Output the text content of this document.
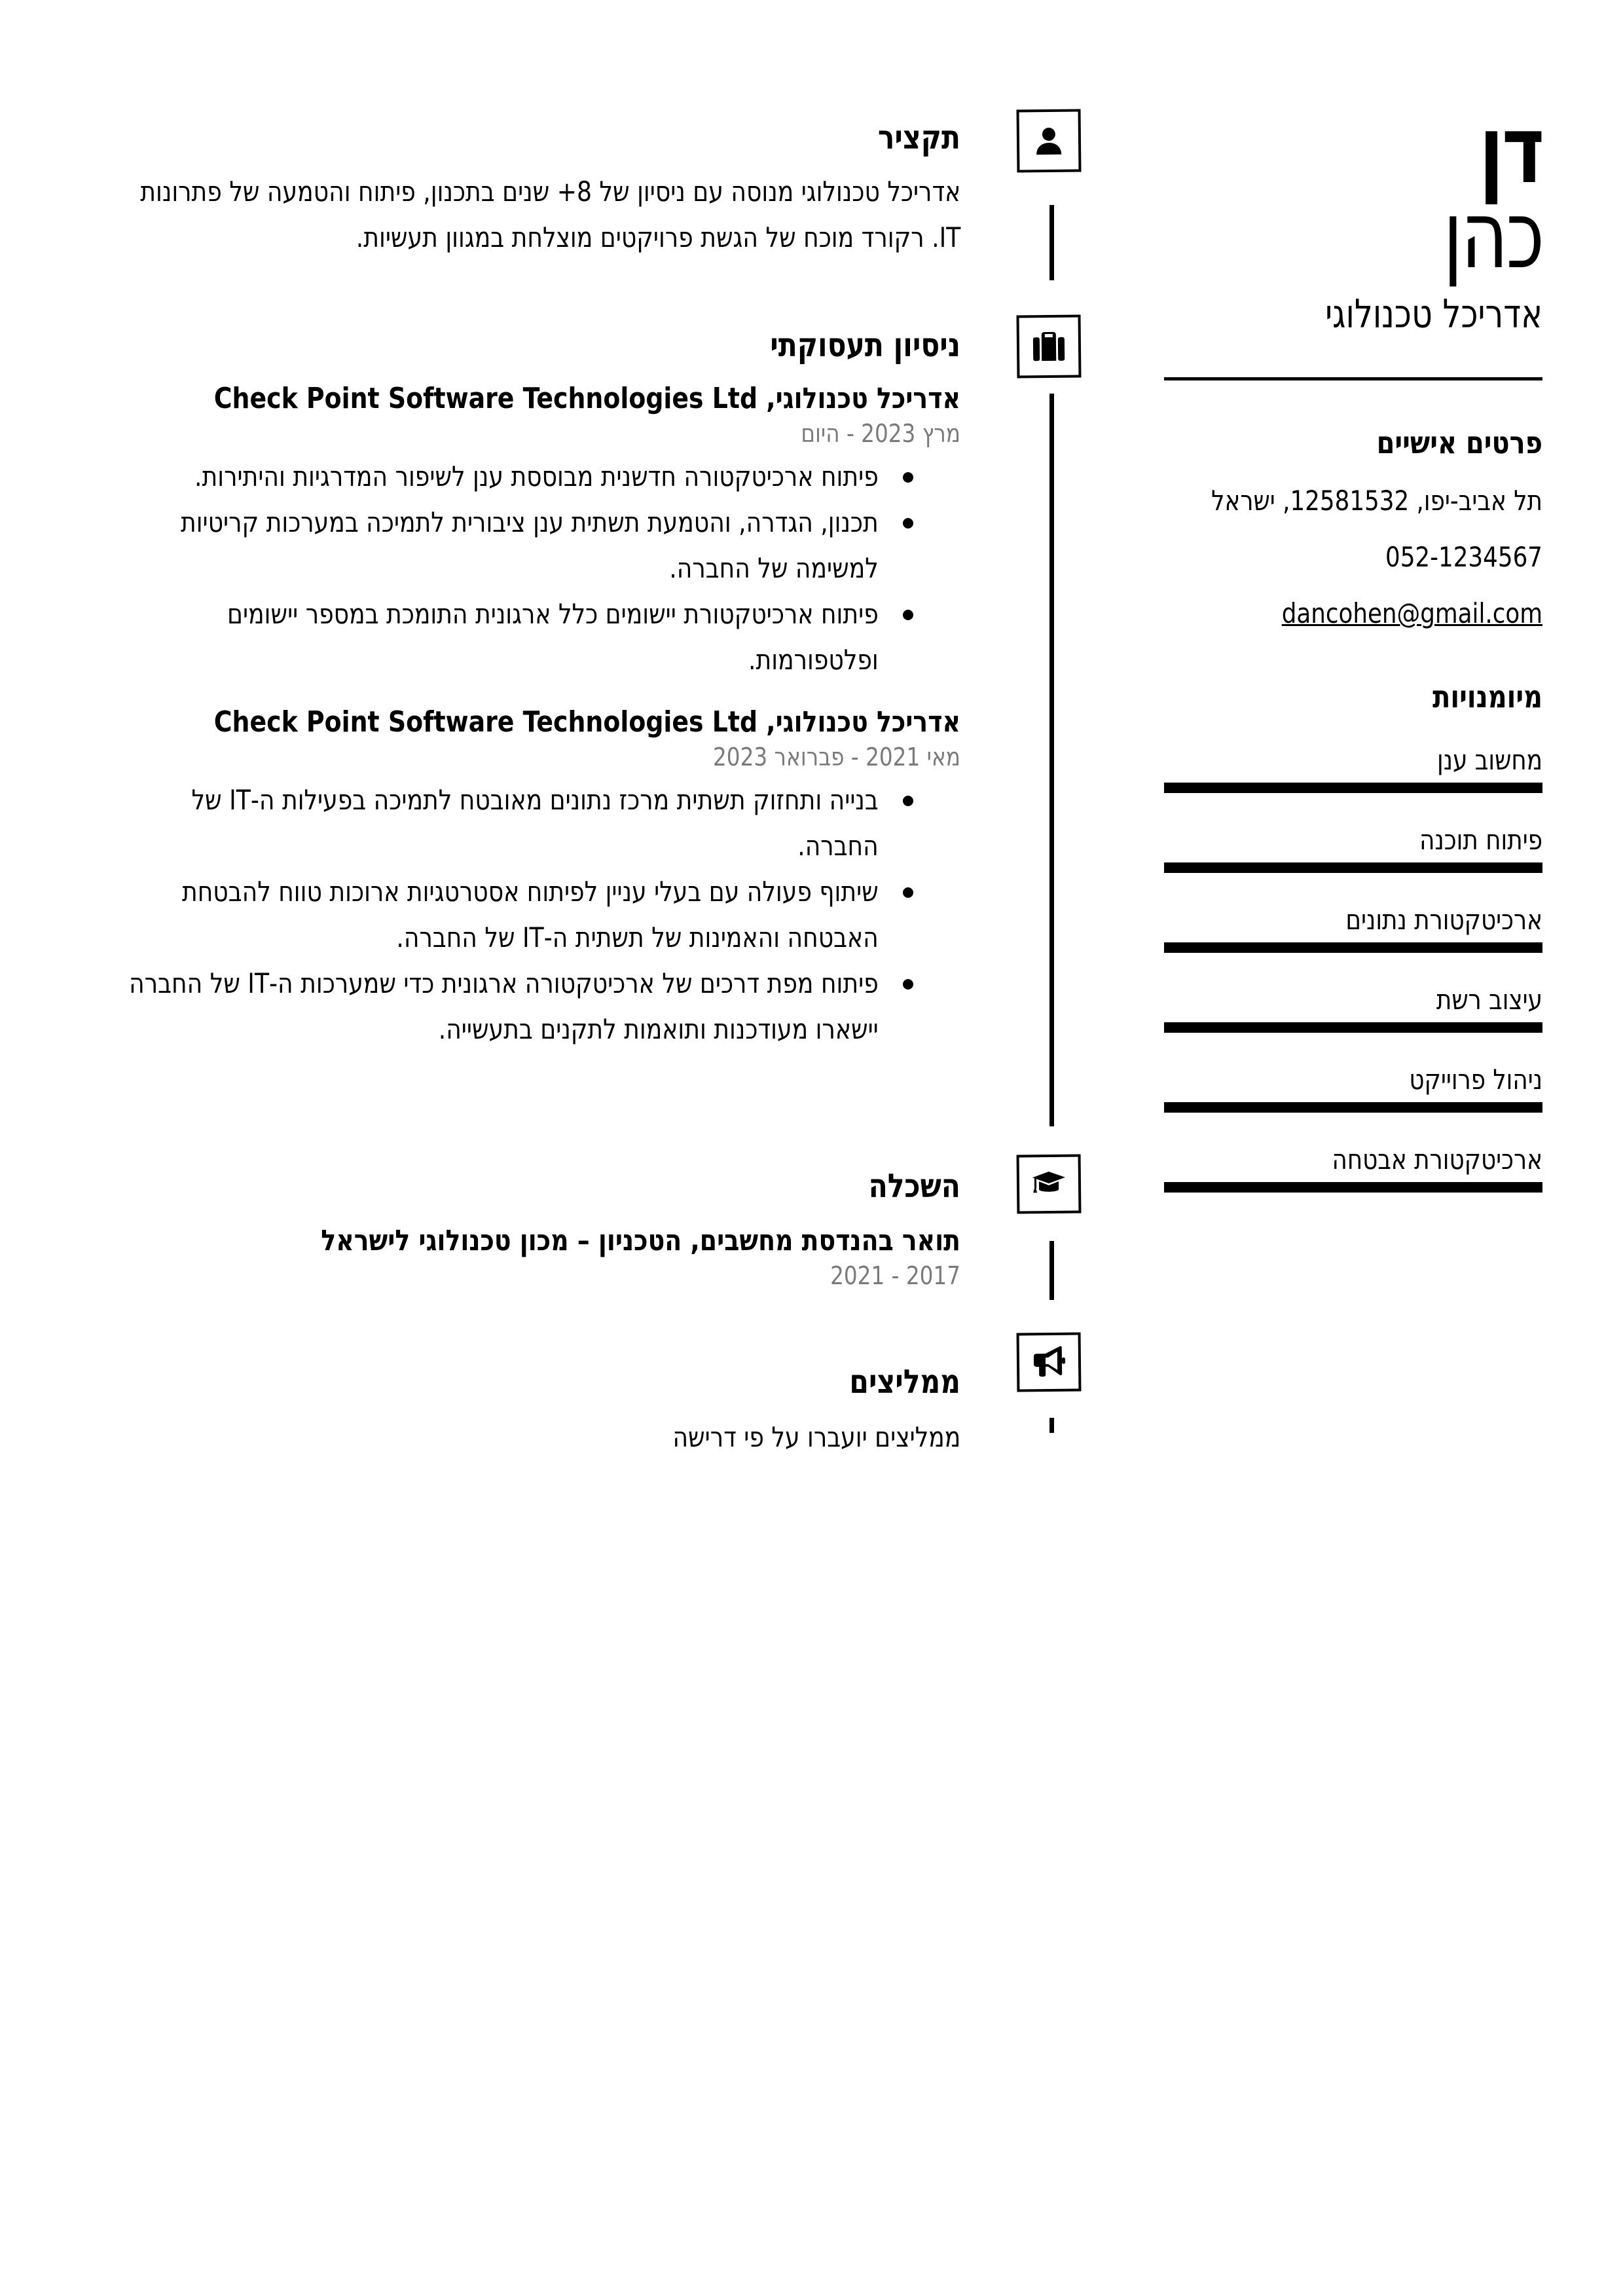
דן
כהן
אדריכל טכנולוגי
פרטים אישיים
תל אביב-יפו, 12581532, ישראל
052-1234567
dancohen@gmail.com
מיומנויות
מחשוב ענן
פיתוח תוכנה
ארכיטקטורת נתונים
עיצוב רשת
ניהול פרוייקט
ארכיטקטורת אבטחה
תקציר

אדריכל טכנולוגי מנוסה עם ניסיון של 8+ שנים בתכנון, פיתוח והטמעה של פתרונות IT. רקורד מוכח של הגשת פרויקטים מוצלחת במגוון תעשיות.

ניסיון תעסוקתי
אדריכל טכנולוגי, Check Point Software Technologies Ltd
מרץ 2023 - היום
פיתוח ארכיטקטורה חדשנית מבוססת ענן לשיפור המדרגיות והיתירות.
תכנון, הגדרה, והטמעת תשתית ענן ציבורית לתמיכה במערכות קריטיות למשימה של החברה.
פיתוח ארכיטקטורת יישומים כלל ארגונית התומכת במספר יישומים ופלטפורמות.
אדריכל טכנולוגי, Check Point Software Technologies Ltd
מאי 2021 - פברואר 2023
בנייה ותחזוק תשתית מרכז נתונים מאובטח לתמיכה בפעילות ה-IT של החברה.
שיתוף פעולה עם בעלי עניין לפיתוח אסטרטגיות ארוכות טווח להבטחת האבטחה והאמינות של תשתית ה-IT של החברה.
פיתוח מפת דרכים של ארכיטקטורה ארגונית כדי שמערכות ה-IT של החברה יישארו מעודכנות ותואמות לתקנים בתעשייה.
השכלה
תואר בהנדסת מחשבים, הטכניון – מכון טכנולוגי לישראל
2017 - 2021
ממליצים

ממליצים יועברו על פי דרישה
